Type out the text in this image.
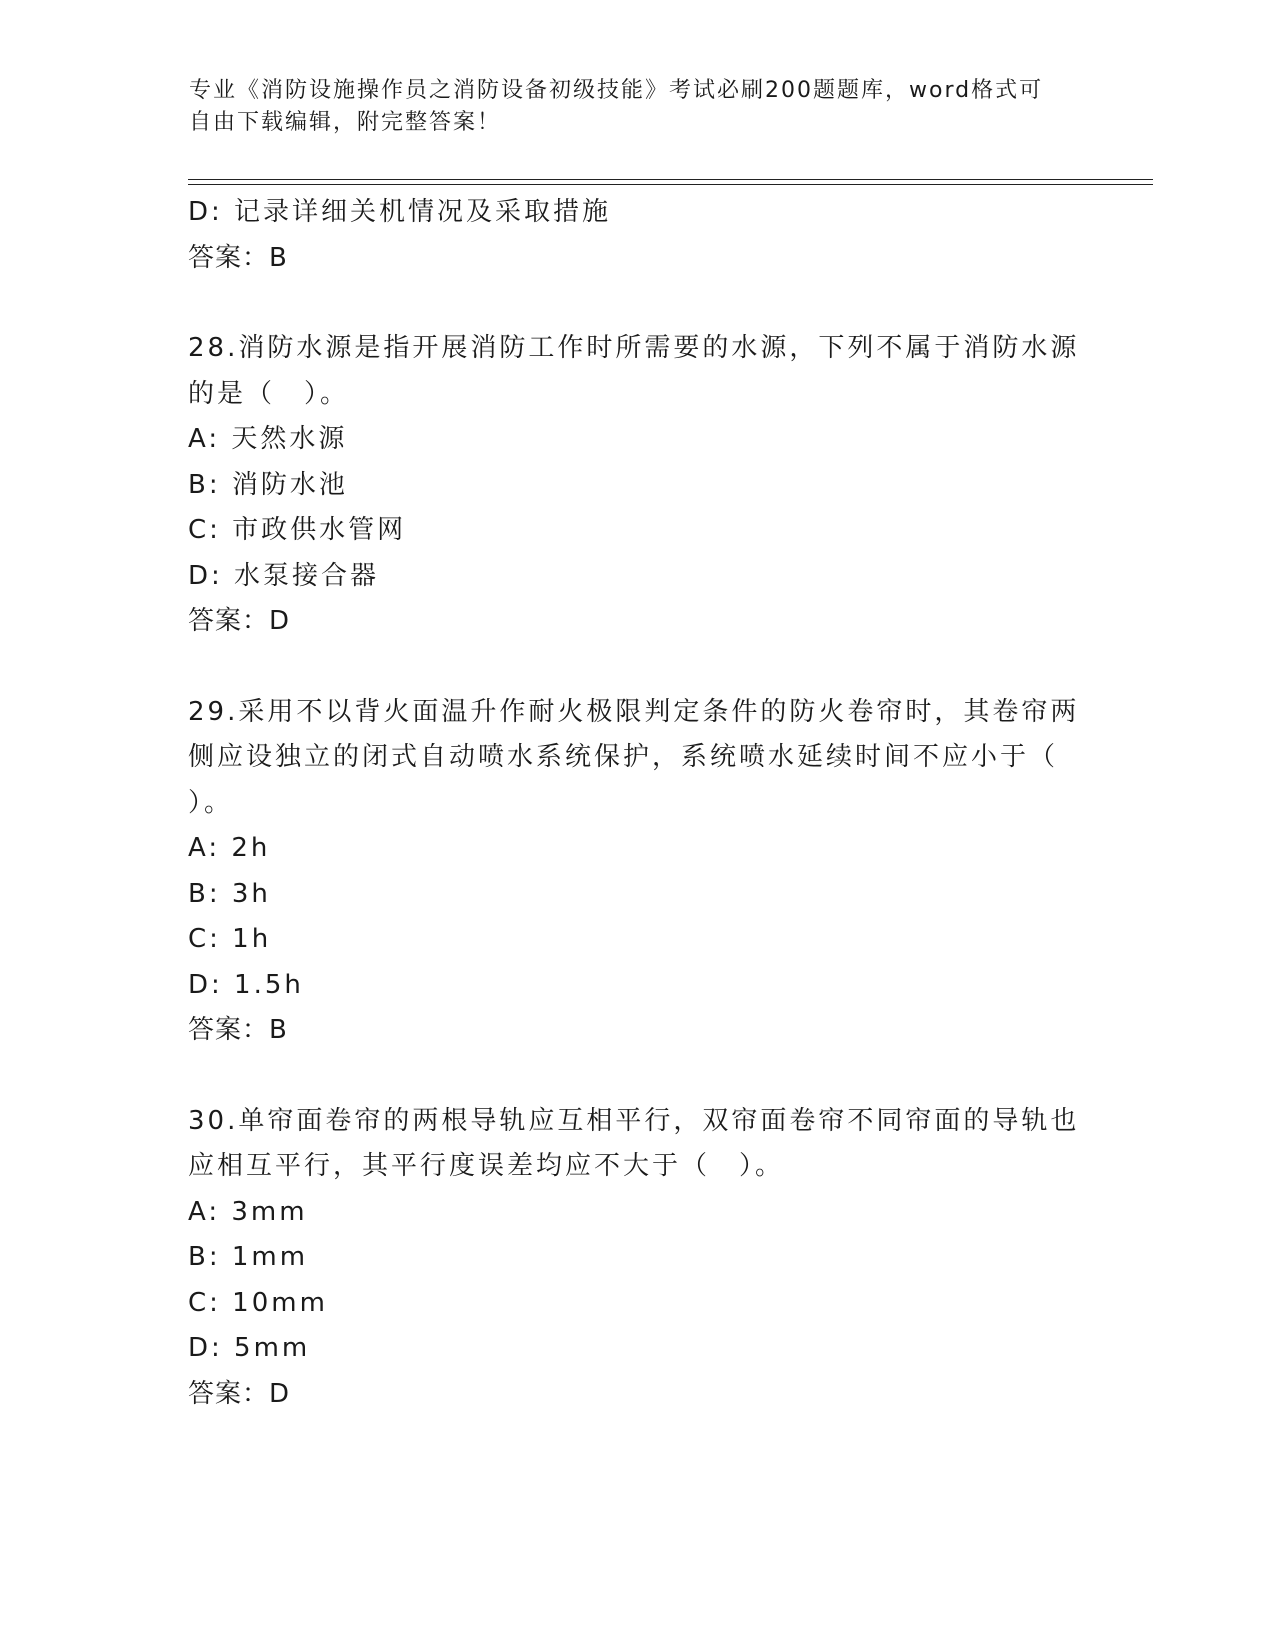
专业《消防设施操作员之消防设备初级技能》考试必刷200题题库，word格式可
自由下载编辑，附完整答案！
D: 记录详细关机情况及采取措施
答案：B
28.消防水源是指开展消防工作时所需要的水源，下列不属于消防水源
的是（　）。
A: 天然水源
B: 消防水池
C: 市政供水管网
D: 水泵接合器
答案：D
29.采用不以背火面温升作耐火极限判定条件的防火卷帘时，其卷帘两
侧应设独立的闭式自动喷水系统保护，系统喷水延续时间不应小于（
）。
A: 2h
B: 3h
C: 1h
D: 1.5h
答案：B
30.单帘面卷帘的两根导轨应互相平行，双帘面卷帘不同帘面的导轨也
应相互平行，其平行度误差均应不大于（　）。
A: 3mm
B: 1mm
C: 10mm
D: 5mm
答案：D
